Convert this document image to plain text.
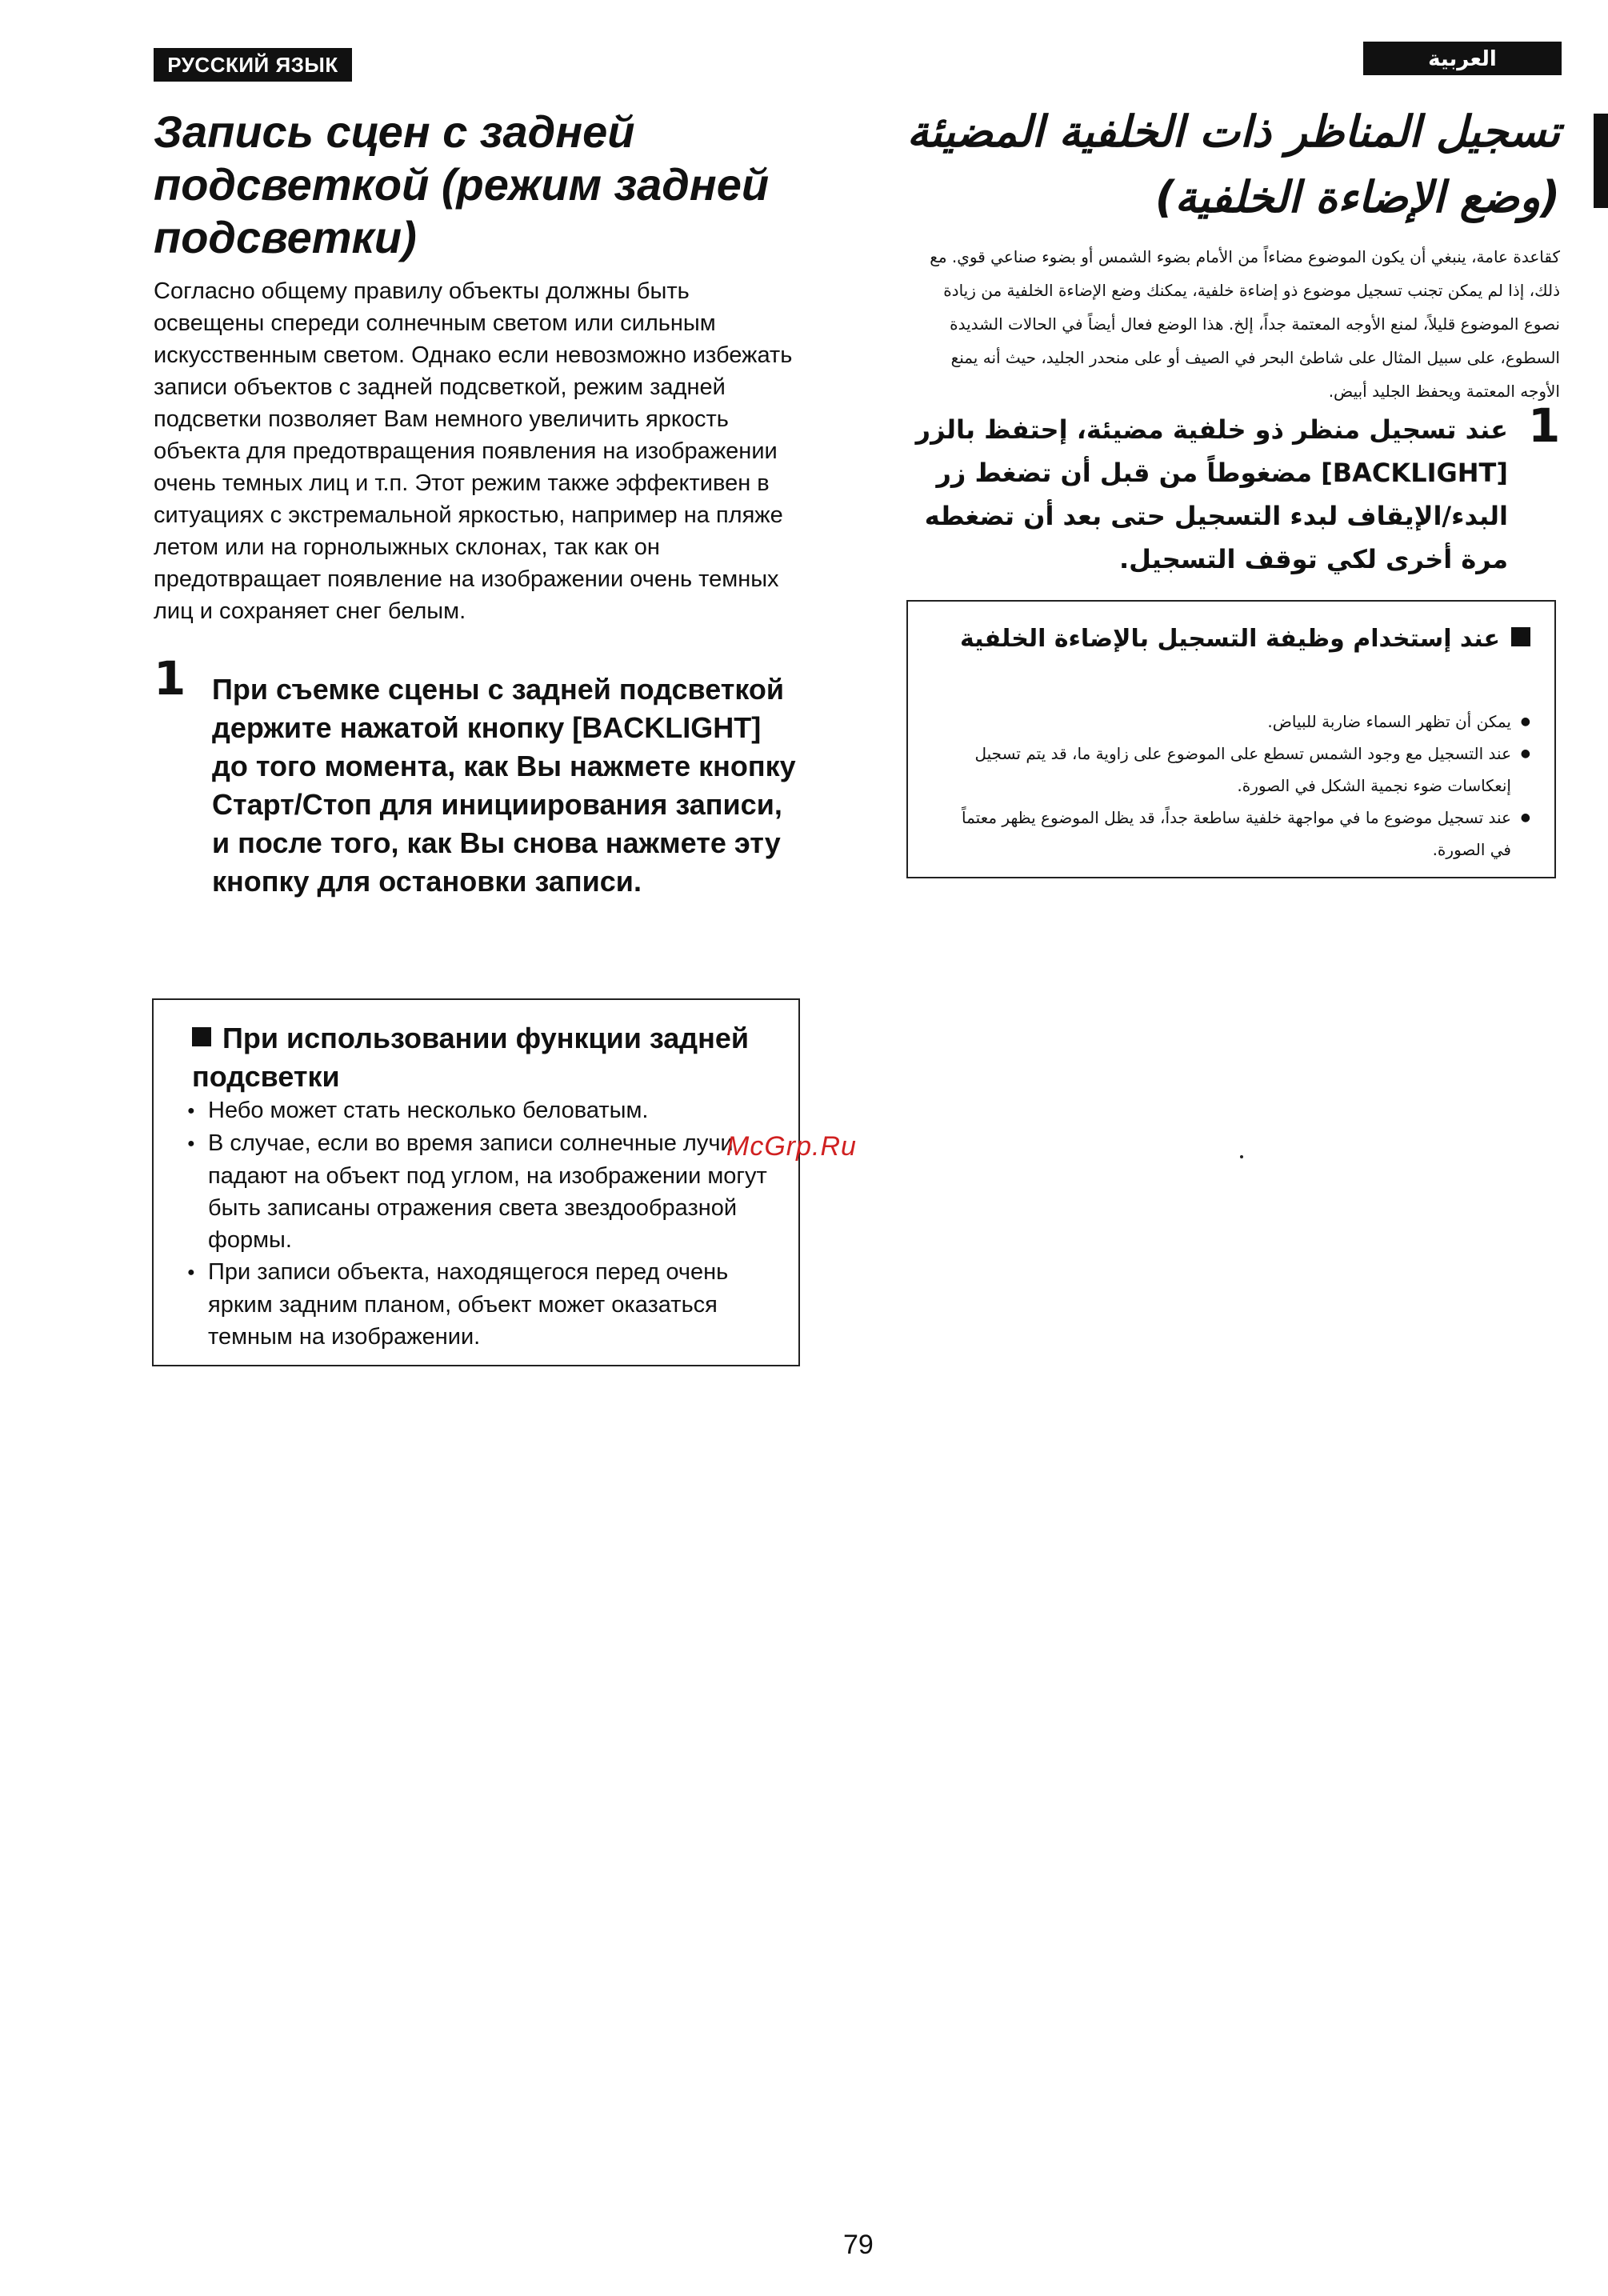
РУССКИЙ ЯЗЫК	العربية
Запись сцен с задней подсветкой (режим задней подсветки)

Согласно общему правилу объекты должны быть освещены спереди солнечным светом или сильным искусственным светом. Однако если невозможно избежать записи объектов с задней подсветкой, режим задней подсветки позволяет Вам немного увеличить яркость объекта для предотвращения появления на изображении очень темных лиц и т.п. Этот режим также эффективен в ситуациях с экстремальной яркостью, например на пляже летом или на горнолыжных склонах, так как он предотвращает появление на изображении очень темных лиц и сохраняет снег белым.

1 При съемке сцены с задней подсветкой держите нажатой кнопку [BACKLIGHT] до того момента, как Вы нажмете кнопку Старт/Стоп для инициирования записи, и после того, как Вы снова нажмете эту кнопку для остановки записи.

При использовании функции задней подсветки
● Небо может стать несколько беловатым.
● В случае, если во время записи солнечные лучи падают на объект под углом, на изображении могут быть записаны отражения света звездообразной формы.
● При записи объекта, находящегося перед очень ярким задним планом, объект может оказаться темным на изображении.
تسجيل المناظر ذات الخلفية المضيئة (وضع الإضاءة الخلفية)

كقاعدة عامة، ينبغي أن يكون الموضوع مضاءاً من الأمام بضوء الشمس أو بضوء صناعي قوي. مع ذلك، إذا لم يمكن تجنب تسجيل موضوع ذو إضاءة خلفية، يمكنك وضع الإضاءة الخلفية من زيادة نصوع الموضوع قليلاً، لمنع الأوجه المعتمة جداً، إلخ. هذا الوضع فعال أيضاً في الحالات الشديدة السطوع، على سبيل المثال على شاطئ البحر في الصيف أو على منحدر الجليد، حيث أنه يمنع الأوجه المعتمة ويحفظ الجليد أبيض.

1

عند تسجيل منظر ذو خلفية مضيئة، إحتفظ بالزر [BACKLIGHT] مضغوطاً من قبل أن تضغط زر البدء/الإيقاف لبدء التسجيل حتى بعد أن تضغطه مرة أخرى لكي توقف التسجيل.

عند إستخدام وظيفة التسجيل بالإضاءة الخلفية
● يمكن أن تظهر السماء ضاربة للبياض.
● عند التسجيل مع وجود الشمس تسطع على الموضوع على زاوية ما، قد يتم تسجيل إنعكاسات ضوء نجمية الشكل في الصورة.
● عند تسجيل موضوع ما في مواجهة خلفية ساطعة جداً، قد يظل الموضوع يظهر معتماً في الصورة.
McGrp.Ru
79
